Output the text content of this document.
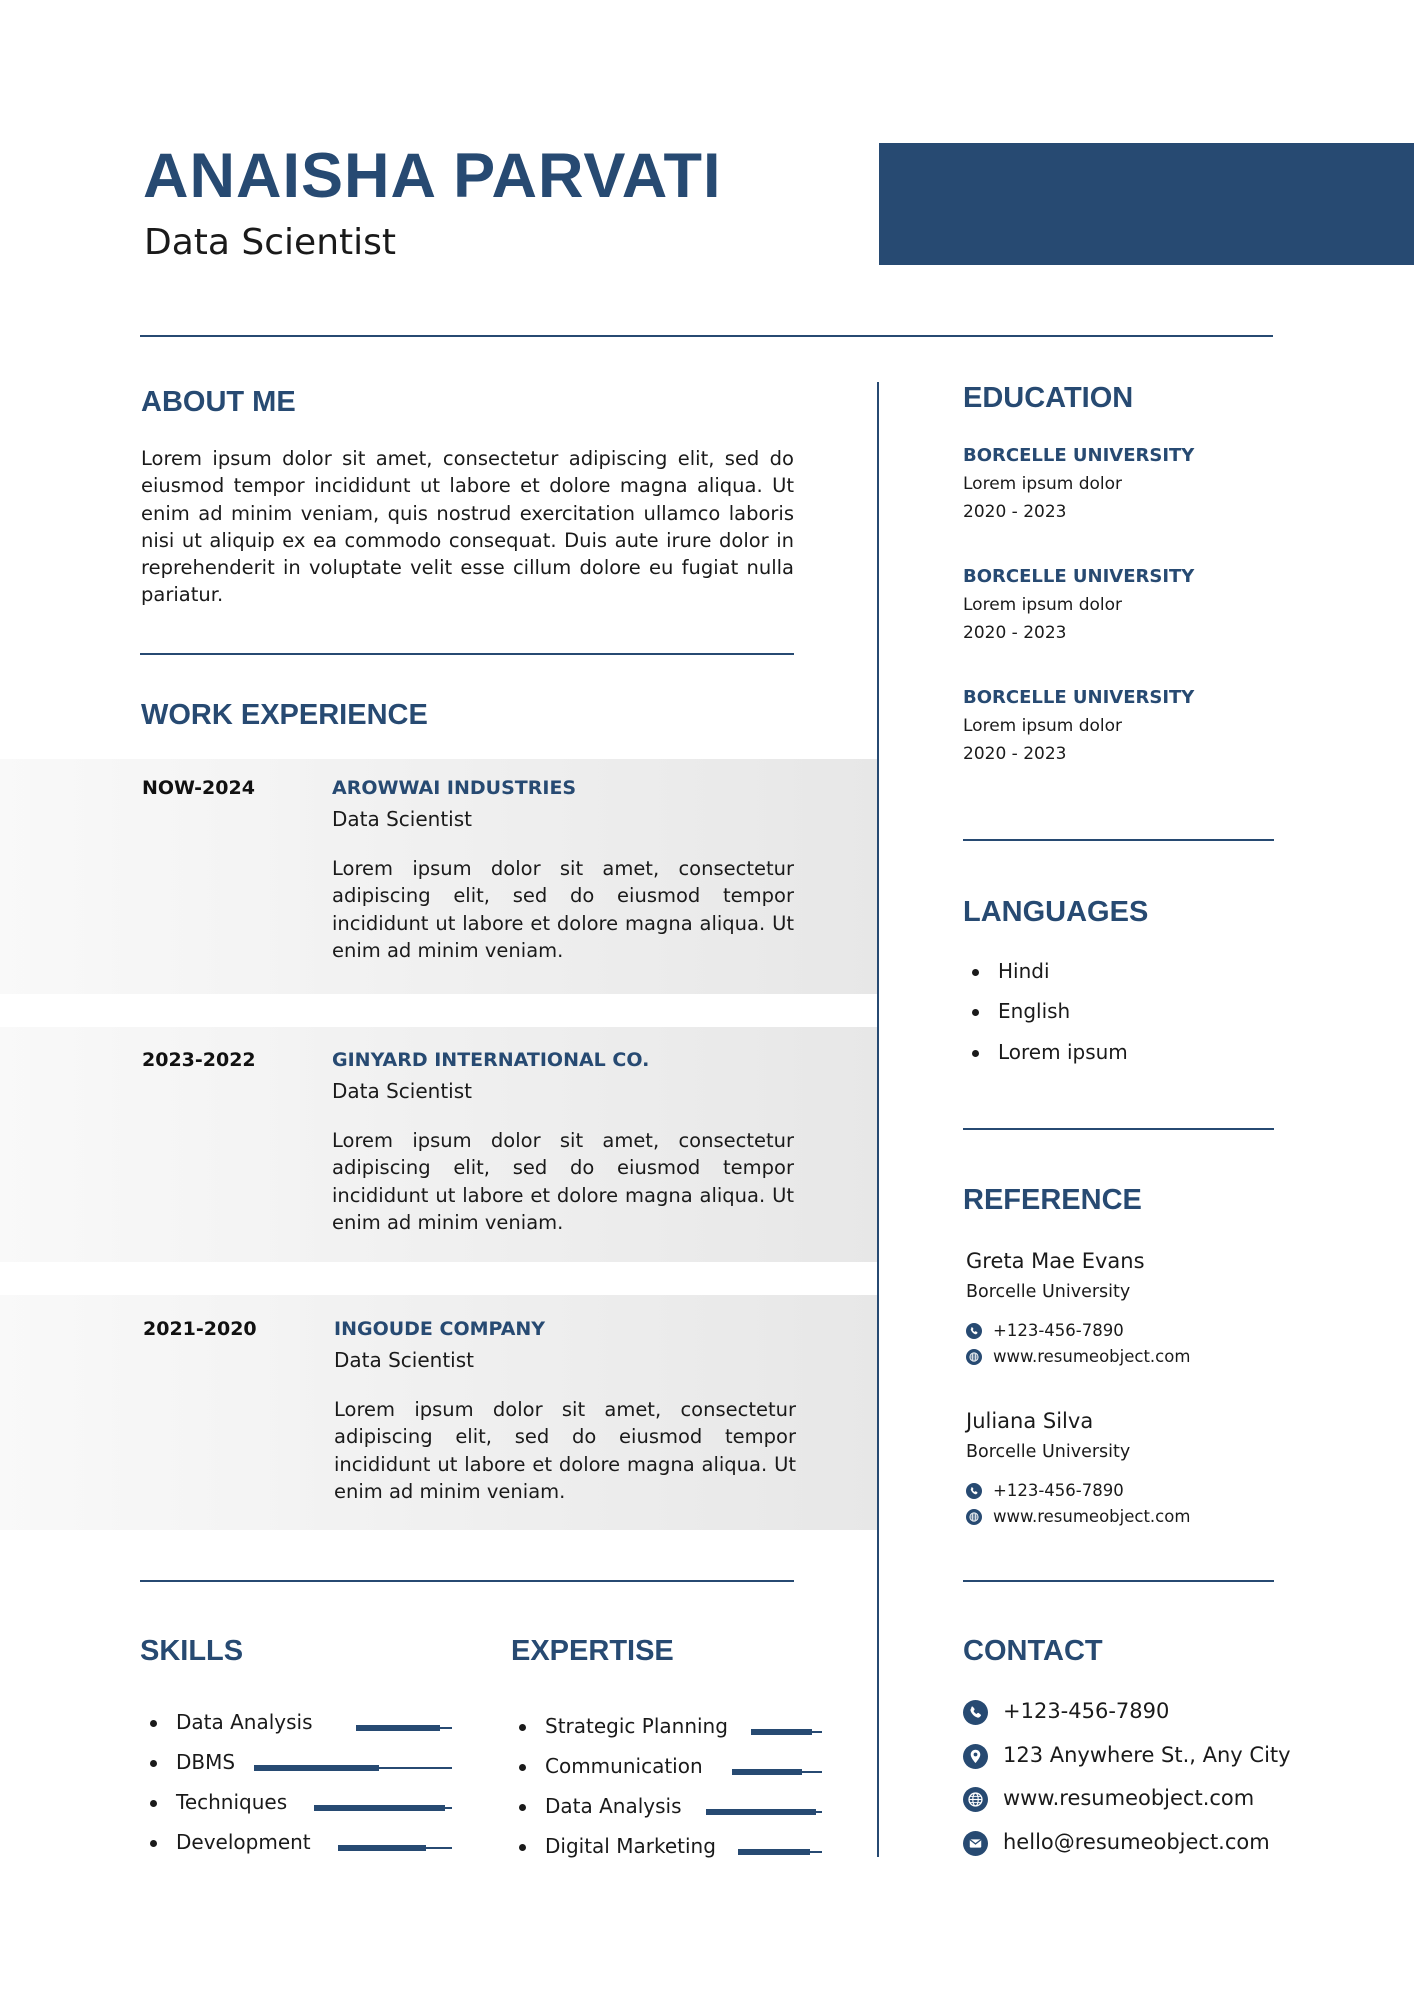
ANAISHA PARVATI
Data Scientist
ABOUT ME
Lorem ipsum dolor sit amet, consectetur adipiscing elit, sed do eiusmod tempor incididunt ut labore et dolore magna aliqua. Ut enim ad minim veniam, quis nostrud exercitation ullamco laboris nisi ut aliquip ex ea commodo consequat. Duis aute irure dolor in reprehenderit in voluptate velit esse cillum dolore eu fugiat nulla pariatur.
WORK EXPERIENCE
NOW-2024	AROWWAI INDUSTRIES
Data Scientist
Lorem ipsum dolor sit amet, consectetur adipiscing elit, sed do eiusmod tempor incididunt ut labore et dolore magna aliqua. Ut enim ad minim veniam.
2023-2022	GINYARD INTERNATIONAL CO.
Data Scientist
Lorem ipsum dolor sit amet, consectetur adipiscing elit, sed do eiusmod tempor incididunt ut labore et dolore magna aliqua. Ut enim ad minim veniam.
2021-2020	INGOUDE COMPANY
Data Scientist
Lorem ipsum dolor sit amet, consectetur adipiscing elit, sed do eiusmod tempor incididunt ut labore et dolore magna aliqua. Ut enim ad minim veniam.
SKILLS
Data Analysis
DBMS
Techniques
Development
EXPERTISE
Strategic Planning
Communication
Data Analysis
Digital Marketing
EDUCATION
BORCELLE UNIVERSITY
Lorem ipsum dolor
2020 - 2023
BORCELLE UNIVERSITY
Lorem ipsum dolor
2020 - 2023
BORCELLE UNIVERSITY
Lorem ipsum dolor
2020 - 2023
LANGUAGES
Hindi
English
Lorem ipsum
REFERENCE
Greta Mae Evans
Borcelle University
+123-456-7890
www.resumeobject.com
Juliana Silva
Borcelle University
+123-456-7890
www.resumeobject.com
CONTACT
+123-456-7890
123 Anywhere St., Any City
www.resumeobject.com
hello@resumeobject.com
